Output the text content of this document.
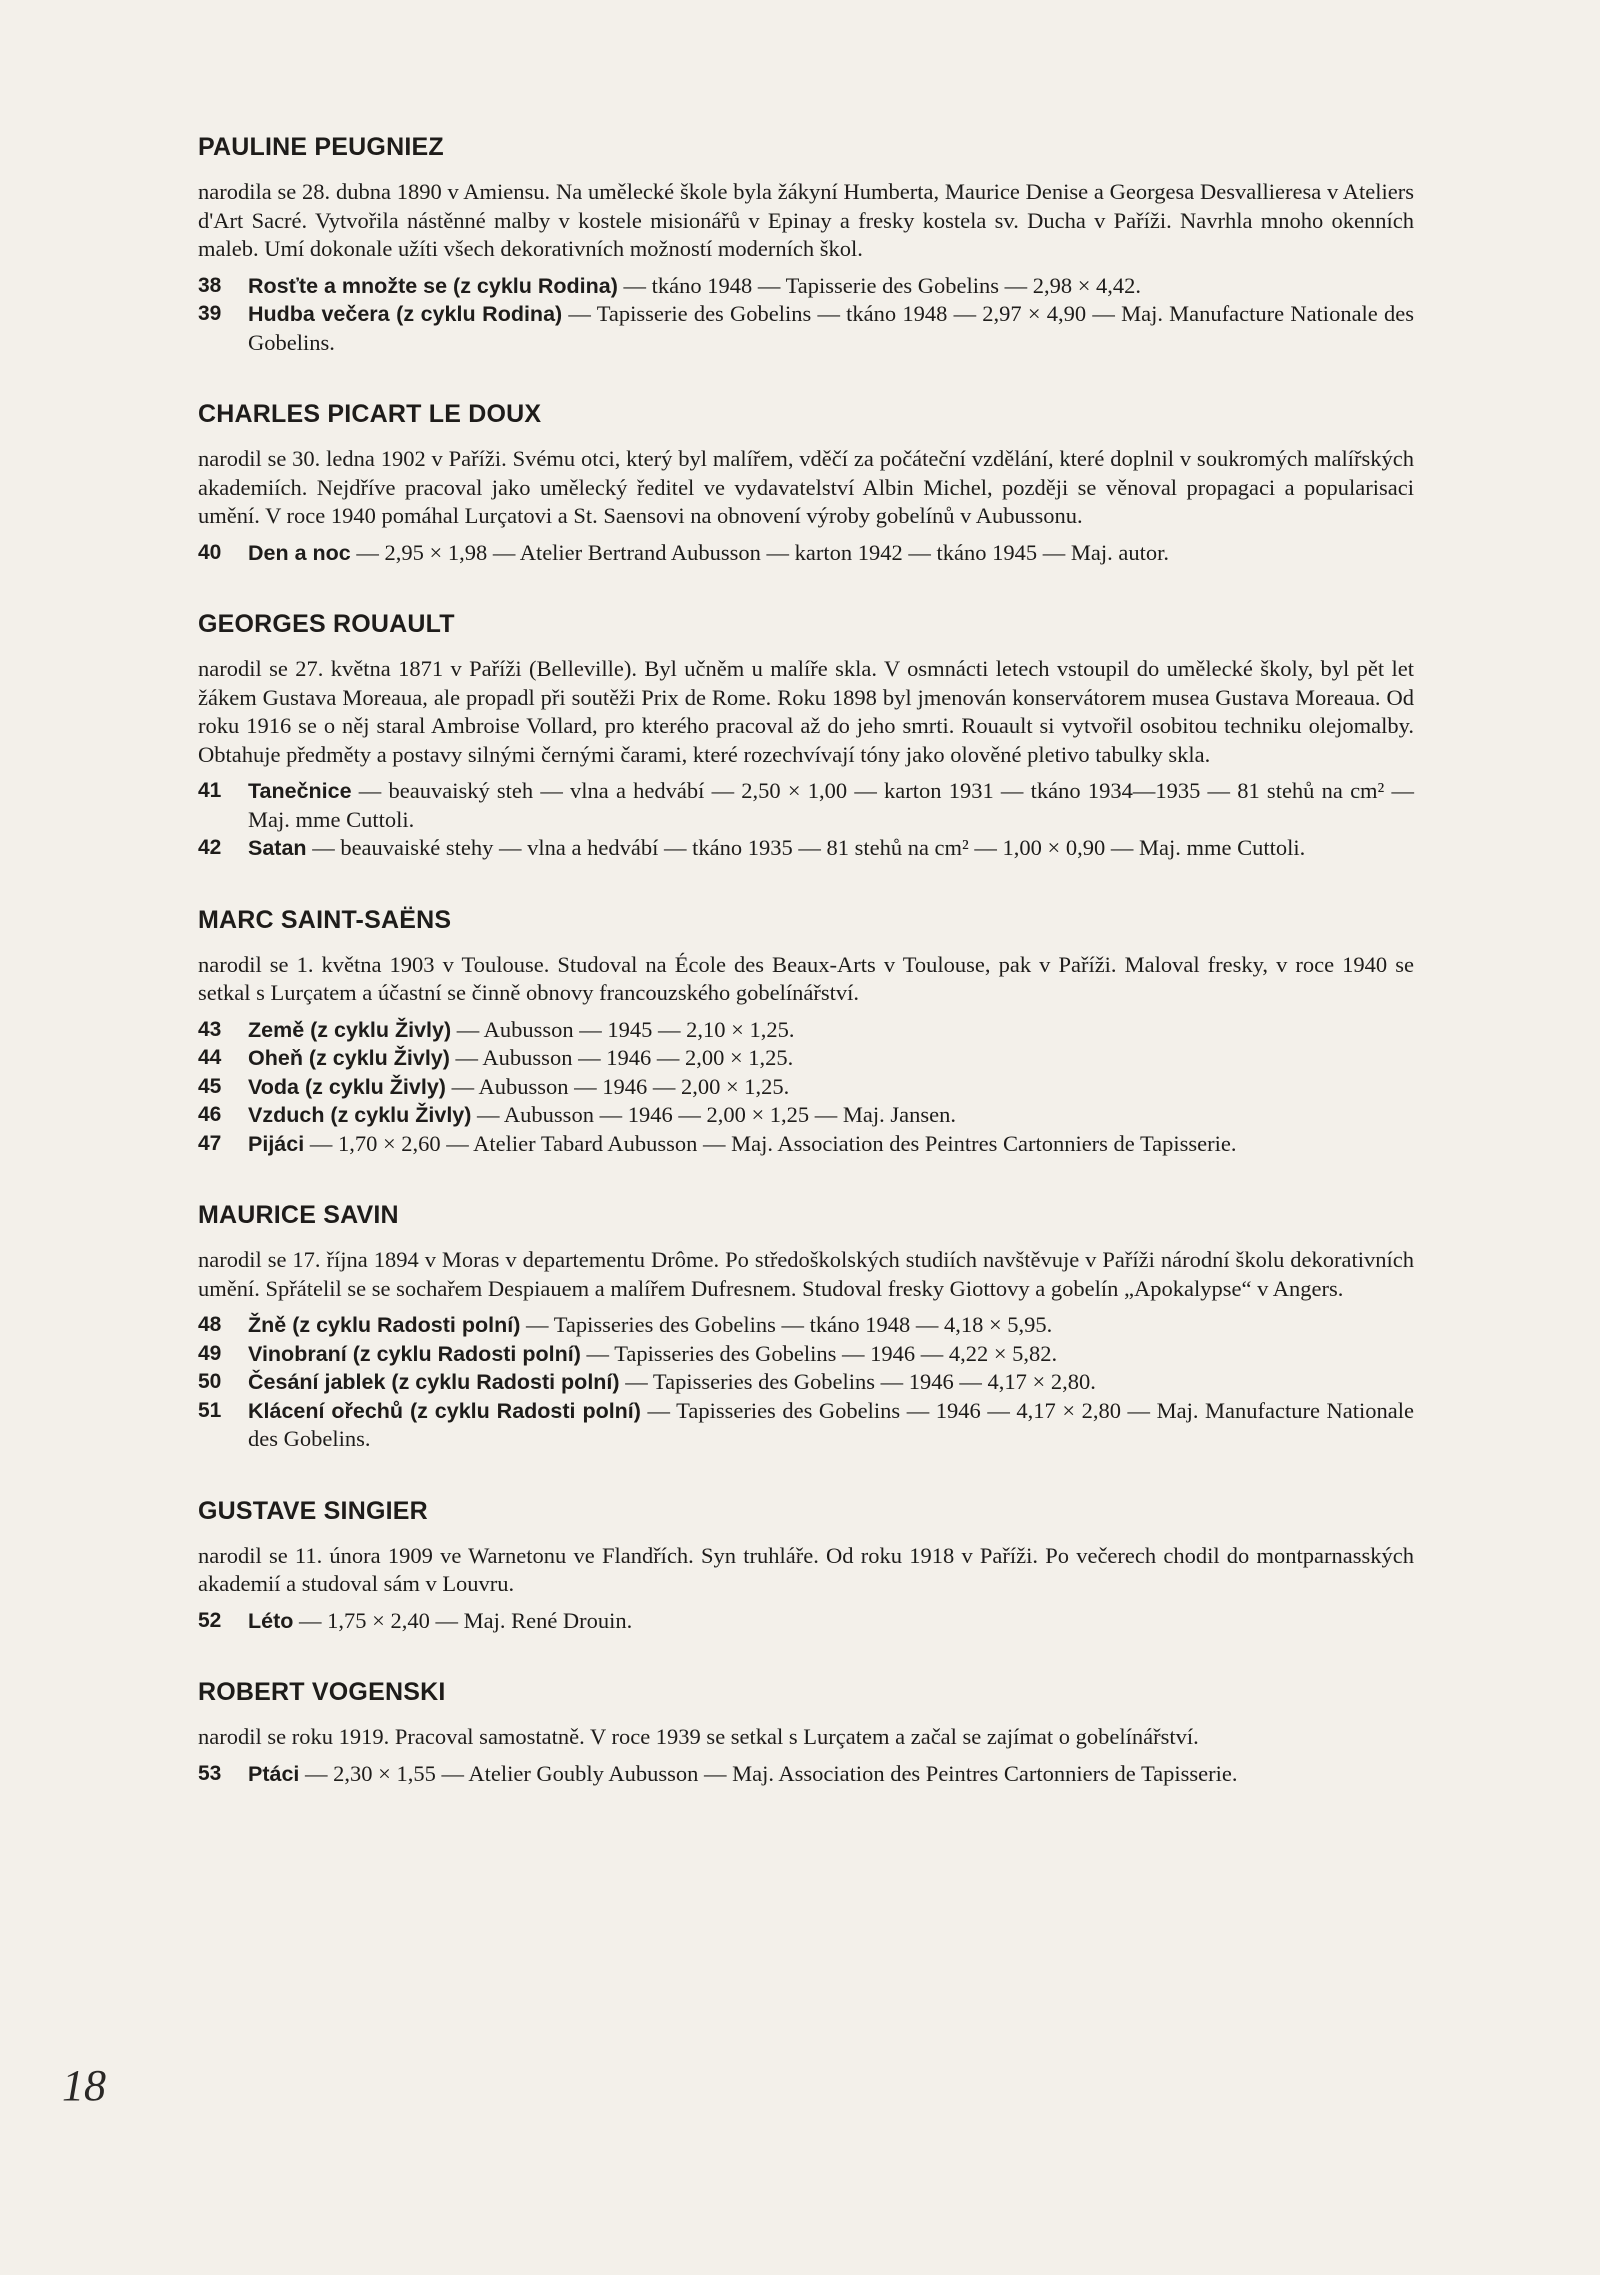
PAULINE PEUGNIEZ

narodila se 28. dubna 1890 v Amiensu. Na umělecké škole byla žákyní Humberta, Maurice Denise a Georgesa Desvallieresa v Ateliers d'Art Sacré. Vytvořila nástěnné malby v kostele misionářů v Epinay a fresky kostela sv. Ducha v Paříži. Navrhla mnoho okenních maleb. Umí dokonale užíti všech dekorativních možností moderních škol.

38	Rosťte a množte se (z cyklu Rodina) — tkáno 1948 — Tapisserie des Gobelins — 2,98 × 4,42.
39	Hudba večera (z cyklu Rodina) — Tapisserie des Gobelins — tkáno 1948 — 2,97 × 4,90 — Maj. Manufacture Nationale des Gobelins.
CHARLES PICART LE DOUX

narodil se 30. ledna 1902 v Paříži. Svému otci, který byl malířem, vděčí za počáteční vzdělání, které doplnil v soukromých malířských akademiích. Nejdříve pracoval jako umělecký ředitel ve vydavatelství Albin Michel, později se věnoval propagaci a popularisaci umění. V roce 1940 pomáhal Lurçatovi a St. Saensovi na obnovení výroby gobelínů v Aubussonu.

40	Den a noc — 2,95 × 1,98 — Atelier Bertrand Aubusson — karton 1942 — tkáno 1945 — Maj. autor.
GEORGES ROUAULT

narodil se 27. května 1871 v Paříži (Belleville). Byl učněm u malíře skla. V osmnácti letech vstoupil do umělecké školy, byl pět let žákem Gustava Moreaua, ale propadl při soutěži Prix de Rome. Roku 1898 byl jmenován konservátorem musea Gustava Moreaua. Od roku 1916 se o něj staral Ambroise Vollard, pro kterého pracoval až do jeho smrti. Rouault si vytvořil osobitou techniku olejomalby. Obtahuje předměty a postavy silnými černými čarami, které rozechvívají tóny jako olověné pletivo tabulky skla.

41	Tanečnice — beauvaiský steh — vlna a hedvábí — 2,50 × 1,00 — karton 1931 — tkáno 1934—1935 — 81 stehů na cm² — Maj. mme Cuttoli.
42	Satan — beauvaiské stehy — vlna a hedvábí — tkáno 1935 — 81 stehů na cm² — 1,00 × 0,90 — Maj. mme Cuttoli.
MARC SAINT-SAËNS

narodil se 1. května 1903 v Toulouse. Studoval na École des Beaux-Arts v Toulouse, pak v Paříži. Maloval fresky, v roce 1940 se setkal s Lurçatem a účastní se činně obnovy francouzského gobelínářství.

43	Země (z cyklu Živly) — Aubusson — 1945 — 2,10 × 1,25.
44	Oheň (z cyklu Živly) — Aubusson — 1946 — 2,00 × 1,25.
45	Voda (z cyklu Živly) — Aubusson — 1946 — 2,00 × 1,25.
46	Vzduch (z cyklu Živly) — Aubusson — 1946 — 2,00 × 1,25 — Maj. Jansen.
47	Pijáci — 1,70 × 2,60 — Atelier Tabard Aubusson — Maj. Association des Peintres Cartonniers de Tapisserie.
MAURICE SAVIN

narodil se 17. října 1894 v Moras v departementu Drôme. Po středoškolských studiích navštěvuje v Paříži národní školu dekorativních umění. Spřátelil se se sochařem Despiauem a malířem Dufresnem. Studoval fresky Giottovy a gobelín „Apokalypse“ v Angers.

48	Žně (z cyklu Radosti polní) — Tapisseries des Gobelins — tkáno 1948 — 4,18 × 5,95.
49	Vinobraní (z cyklu Radosti polní) — Tapisseries des Gobelins — 1946 — 4,22 × 5,82.
50	Česání jablek (z cyklu Radosti polní) — Tapisseries des Gobelins — 1946 — 4,17 × 2,80.
51	Klácení ořechů (z cyklu Radosti polní) — Tapisseries des Gobelins — 1946 — 4,17 × 2,80 — Maj. Manufacture Nationale des Gobelins.
GUSTAVE SINGIER

narodil se 11. února 1909 ve Warnetonu ve Flandřích. Syn truhláře. Od roku 1918 v Paříži. Po večerech chodil do montparnasských akademií a studoval sám v Louvru.

52	Léto — 1,75 × 2,40 — Maj. René Drouin.
ROBERT VOGENSKI

narodil se roku 1919. Pracoval samostatně. V roce 1939 se setkal s Lurçatem a začal se zajímat o gobelínářství.

53	Ptáci — 2,30 × 1,55 — Atelier Goubly Aubusson — Maj. Association des Peintres Cartonniers de Tapisserie.
18
